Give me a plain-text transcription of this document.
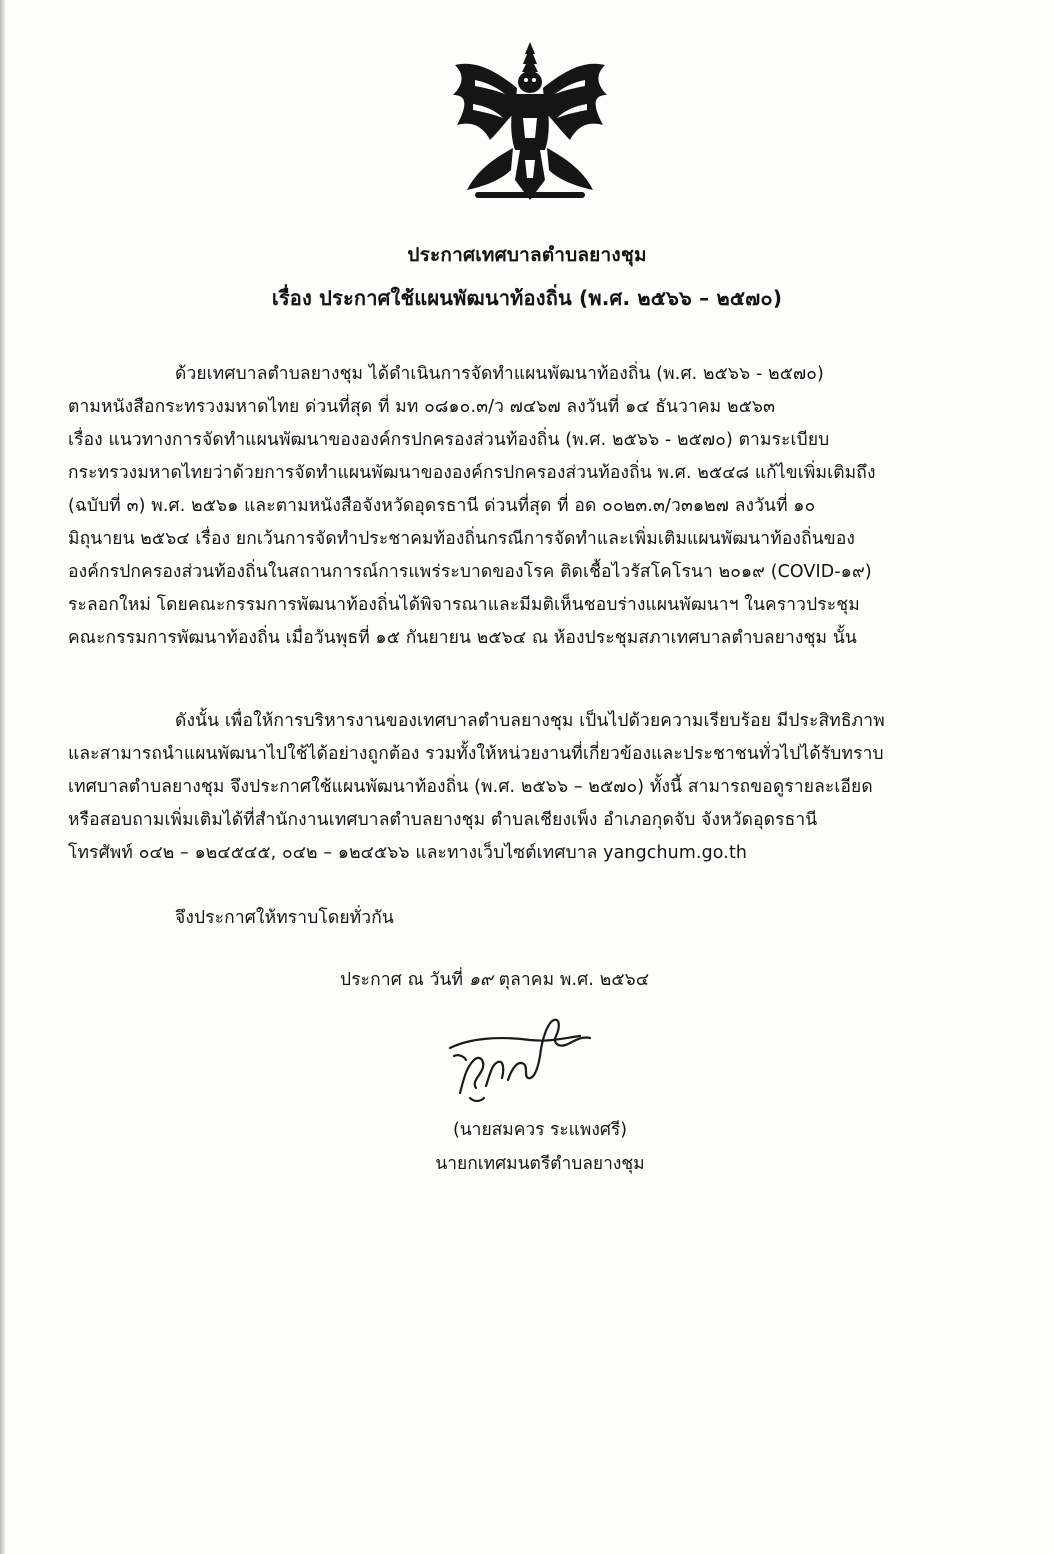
ประกาศเทศบาลตำบลยางชุม
เรื่อง ประกาศใช้แผนพัฒนาท้องถิ่น (พ.ศ. ๒๕๖๖ – ๒๕๗๐)
ด้วยเทศบาลตำบลยางชุม ได้ดำเนินการจัดทำแผนพัฒนาท้องถิ่น (พ.ศ. ๒๕๖๖ - ๒๕๗๐)
ตามหนังสือกระทรวงมหาดไทย ด่วนที่สุด ที่ มท ๐๘๑๐.๓/ว ๗๔๖๗ ลงวันที่ ๑๔ ธันวาคม ๒๕๖๓
เรื่อง แนวทางการจัดทำแผนพัฒนาขององค์กรปกครองส่วนท้องถิ่น (พ.ศ. ๒๕๖๖ - ๒๕๗๐) ตามระเบียบ
กระทรวงมหาดไทยว่าด้วยการจัดทำแผนพัฒนาขององค์กรปกครองส่วนท้องถิ่น พ.ศ. ๒๕๔๘ แก้ไขเพิ่มเติมถึง
(ฉบับที่ ๓) พ.ศ. ๒๕๖๑ และตามหนังสือจังหวัดอุดรธานี ด่วนที่สุด ที่ อด ๐๐๒๓.๓/ว๓๑๒๗ ลงวันที่ ๑๐
มิถุนายน ๒๕๖๔ เรื่อง ยกเว้นการจัดทำประชาคมท้องถิ่นกรณีการจัดทำและเพิ่มเติมแผนพัฒนาท้องถิ่นของ
องค์กรปกครองส่วนท้องถิ่นในสถานการณ์การแพร่ระบาดของโรค ติดเชื้อไวรัสโคโรนา ๒๐๑๙ (COVID-๑๙)
ระลอกใหม่ โดยคณะกรรมการพัฒนาท้องถิ่นได้พิจารณาและมีมติเห็นชอบร่างแผนพัฒนาฯ ในคราวประชุม
คณะกรรมการพัฒนาท้องถิ่น เมื่อวันพุธที่ ๑๕ กันยายน ๒๕๖๔ ณ ห้องประชุมสภาเทศบาลตำบลยางชุม นั้น
ดังนั้น เพื่อให้การบริหารงานของเทศบาลตำบลยางชุม เป็นไปด้วยความเรียบร้อย มีประสิทธิภาพ
และสามารถนำแผนพัฒนาไปใช้ได้อย่างถูกต้อง รวมทั้งให้หน่วยงานที่เกี่ยวข้องและประชาชนทั่วไปได้รับทราบ
เทศบาลตำบลยางชุม จึงประกาศใช้แผนพัฒนาท้องถิ่น (พ.ศ. ๒๕๖๖ – ๒๕๗๐) ทั้งนี้ สามารถขอดูรายละเอียด
หรือสอบถามเพิ่มเติมได้ที่สำนักงานเทศบาลตำบลยางชุม ตำบลเชียงเพ็ง อำเภอกุดจับ จังหวัดอุดรธานี
โทรศัพท์ ๐๔๒ – ๑๒๔๕๔๕, ๐๔๒ – ๑๒๔๕๖๖ และทางเว็บไซต์เทศบาล yangchum.go.th
จึงประกาศให้ทราบโดยทั่วกัน
ประกาศ ณ วันที่ ๑๙ ตุลาคม พ.ศ. ๒๕๖๔
(นายสมควร ระแพงศรี)
นายกเทศมนตรีตำบลยางชุม
